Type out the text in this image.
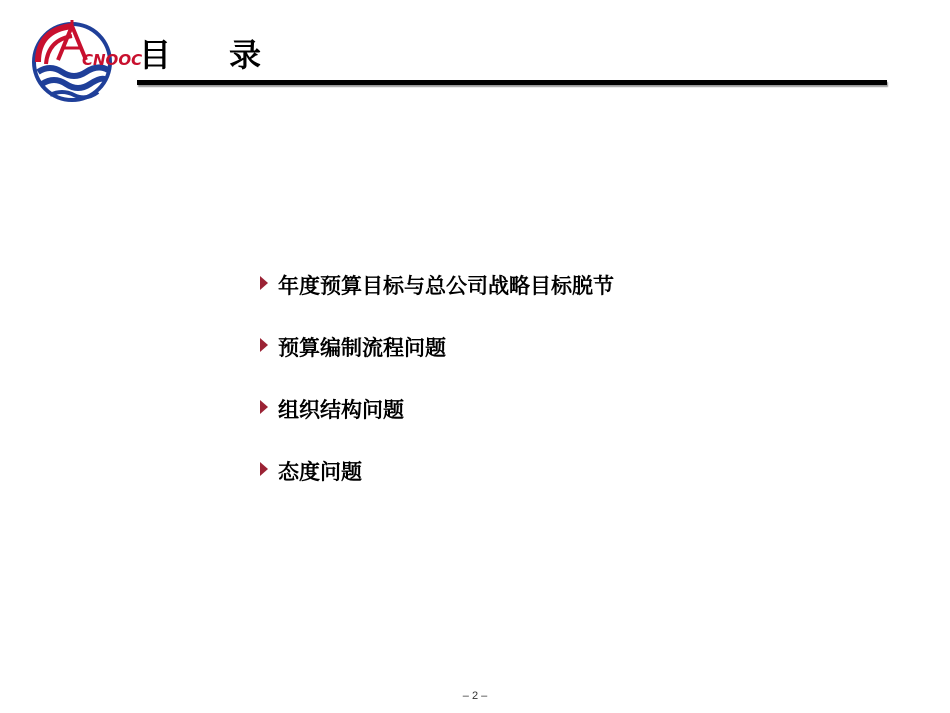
CNOOC
目录
年度预算目标与总公司战略目标脱节
预算编制流程问题
组织结构问题
态度问题
– 2 –
